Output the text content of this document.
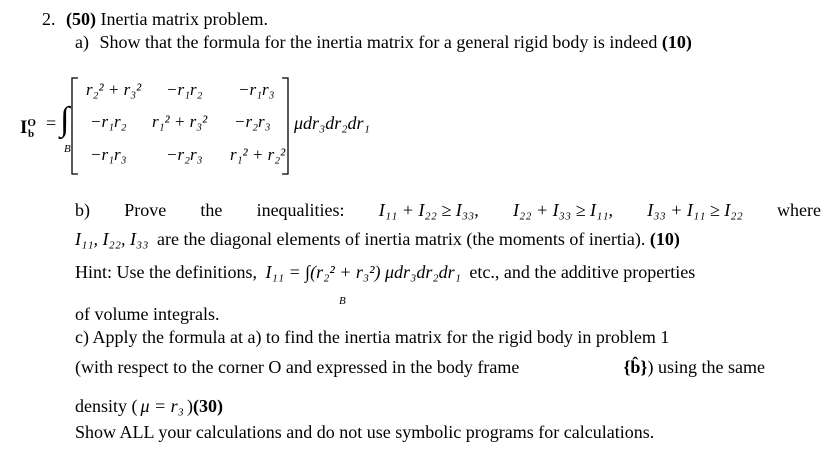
2. (50) Inertia matrix problem.
a) Show that the formula for the inertia matrix for a general rigid body is indeed (10)
$I^O_b$
= ∫
B
r₂² + r₃² −r₁r₂ −r₁r₃
−r₁r₂ r₁² + r₃² −r₂r₃
−r₁r₃ −r₂r₃ r₁² + r₂²
μdr₃dr₂dr₁
b) Prove the inequalities: I₁₁ + I₂₂ ≥ I₃₃, I₂₂ + I₃₃ ≥ I₁₁, I₃₃ + I₁₁ ≥ I₂₂ where
I₁₁, I₂₂, I₃₃ are the diagonal elements of inertia matrix (the moments of inertia). (10)
Hint: Use the definitions, I₁₁ = ∫(r₂² + r₃²) μdr₃dr₂dr₁ etc., and the additive properties
B
of volume integrals.
c) Apply the formula at a) to find the inertia matrix for the rigid body in problem 1
(with respect to the corner O and expressed in the body frame	{b̂}) using the same
density ( μ = r₃ )(30)
Show ALL your calculations and do not use symbolic programs for calculations.
